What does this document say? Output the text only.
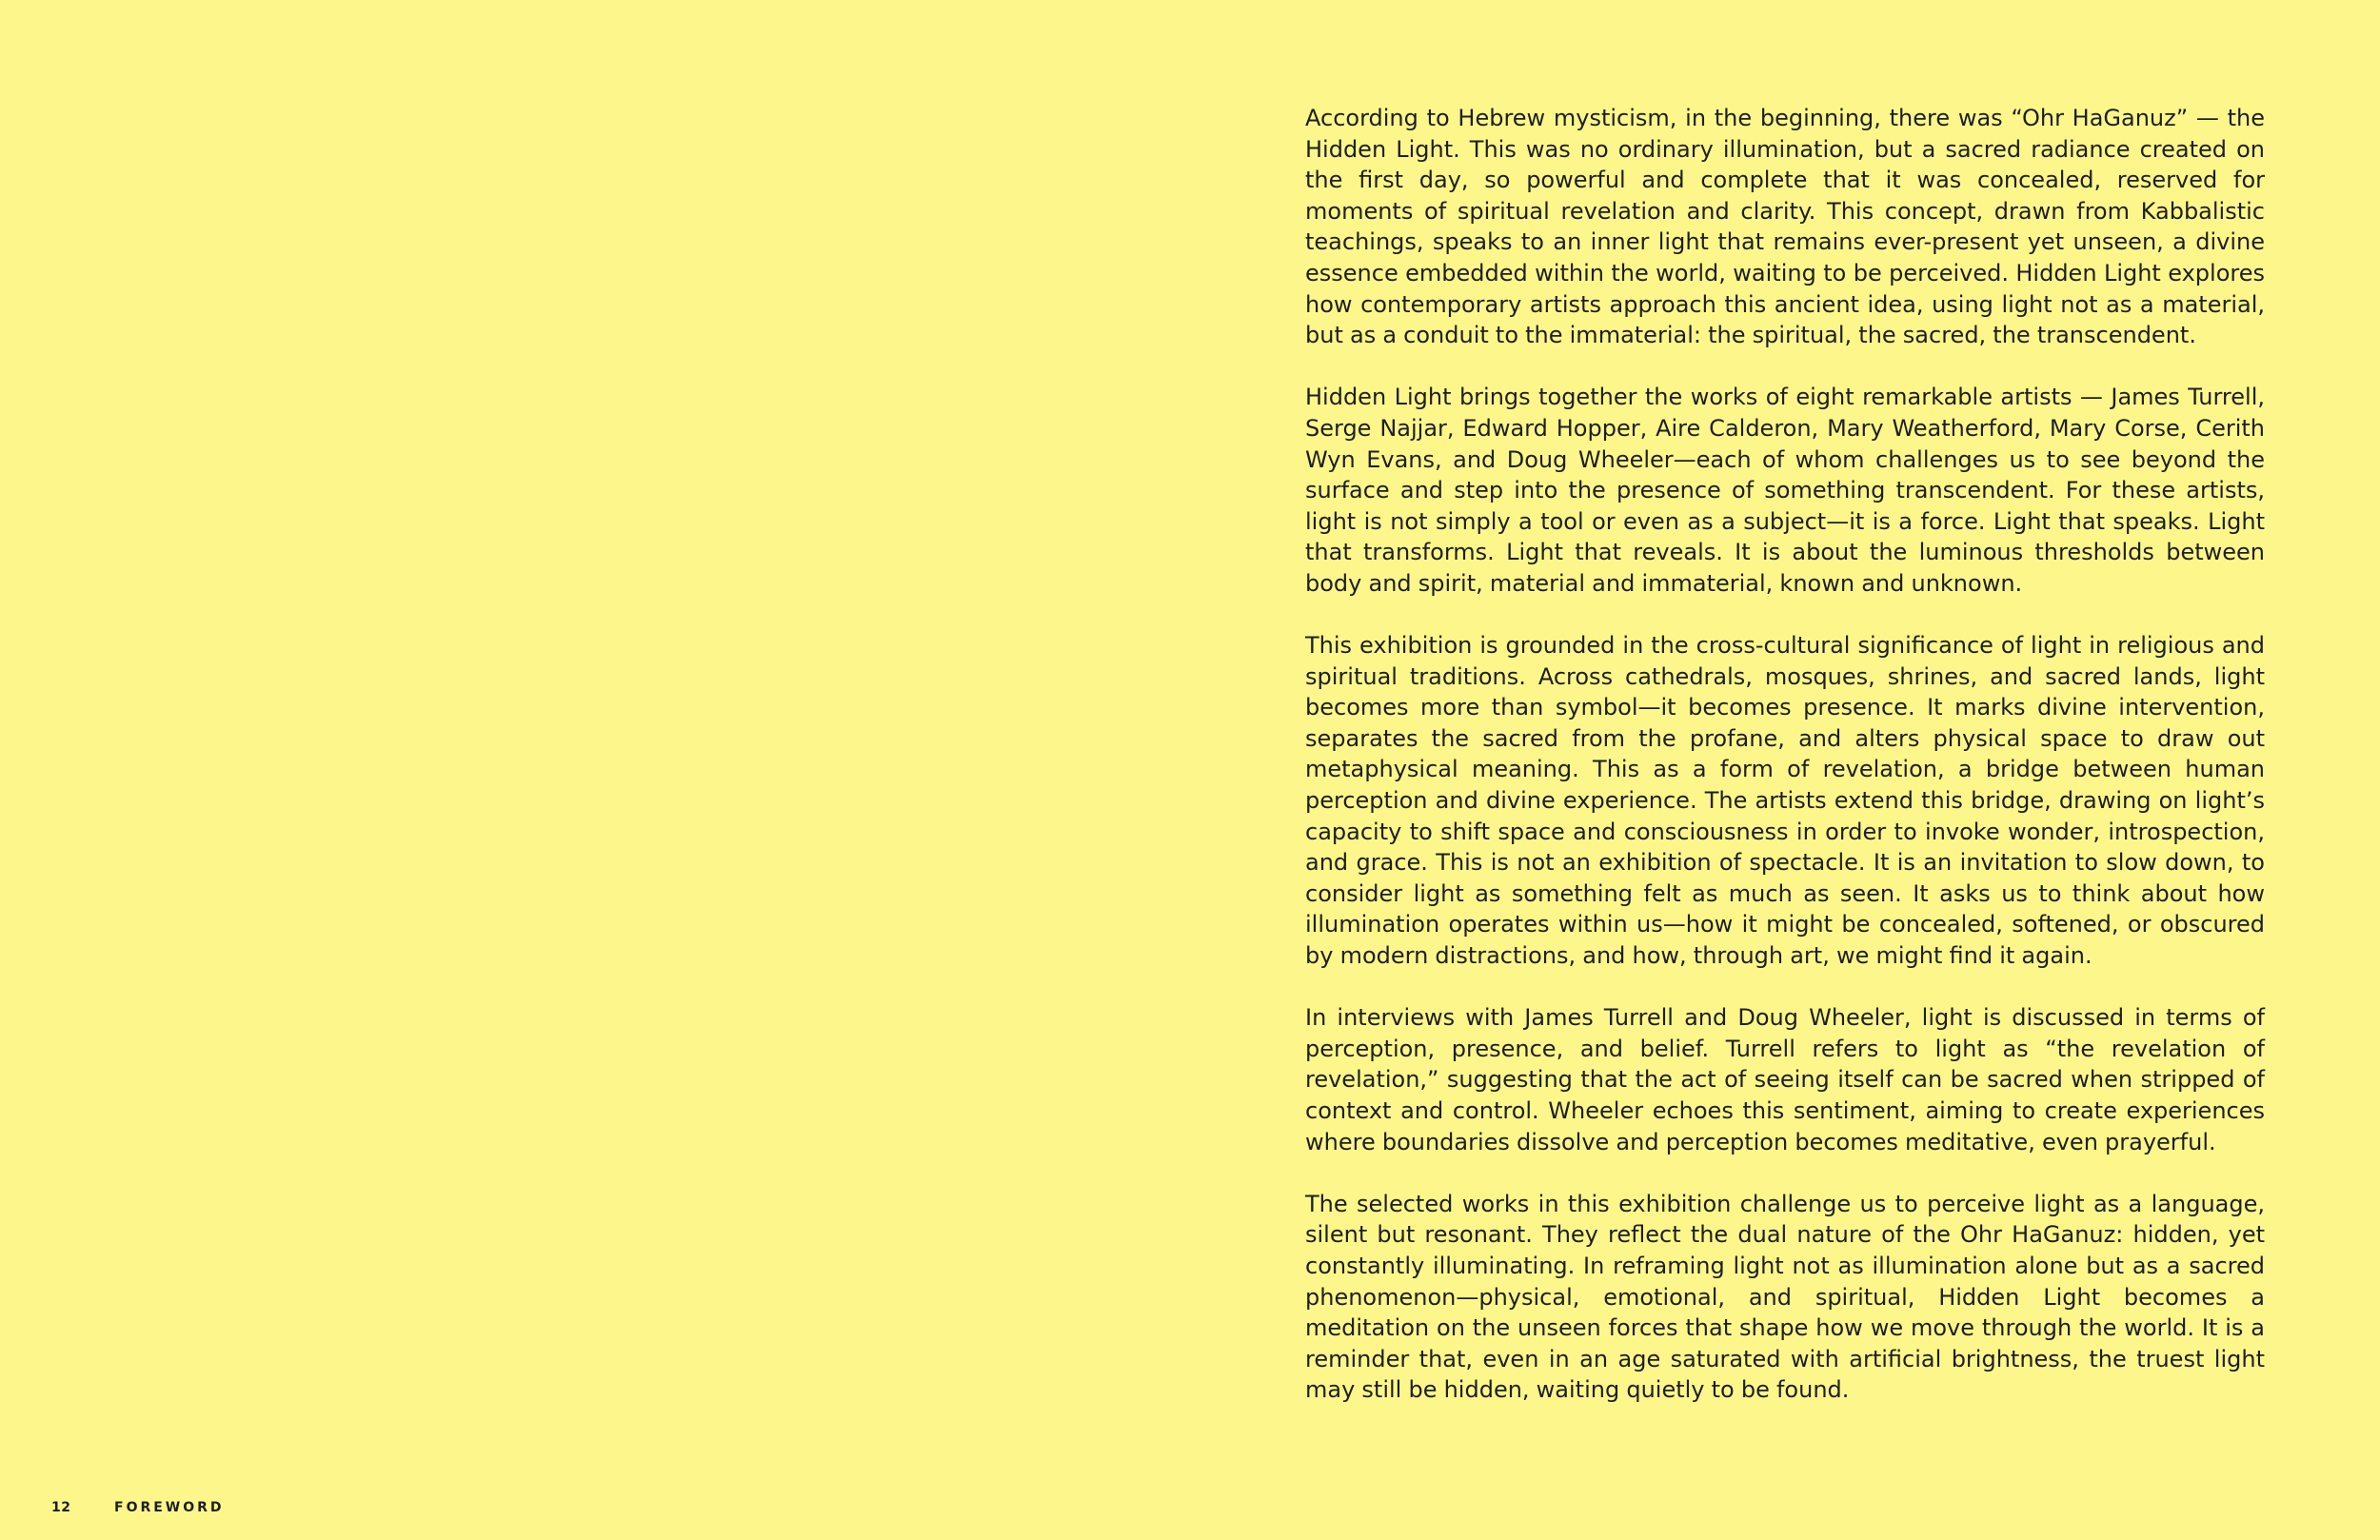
According to Hebrew mysticism, in the beginning, there was “Ohr HaGanuz” — the Hidden Light. This was no ordinary illumination, but a sacred radiance created on the first day, so powerful and complete that it was concealed, reserved for moments of spiritual revelation and clarity. This concept, drawn from Kabbalistic teachings, speaks to an inner light that remains ever-present yet unseen, a divine essence embedded within the world, waiting to be perceived. Hidden Light explores how contemporary artists approach this ancient idea, using light not as a material, but as a conduit to the immaterial: the spiritual, the sacred, the transcendent.

Hidden Light brings together the works of eight remarkable artists — James Turrell, Serge Najjar, Edward Hopper, Aire Calderon, Mary Weatherford, Mary Corse, Cerith Wyn Evans, and Doug Wheeler—each of whom challenges us to see beyond the surface and step into the presence of something transcendent. For these artists, light is not simply a tool or even as a subject—it is a force. Light that speaks. Light that transforms. Light that reveals. It is about the luminous thresholds between body and spirit, material and immaterial, known and unknown.

This exhibition is grounded in the cross-cultural significance of light in religious and spiritual traditions. Across cathedrals, mosques, shrines, and sacred lands, light becomes more than symbol—it becomes presence. It marks divine intervention, separates the sacred from the profane, and alters physical space to draw out metaphysical meaning. This as a form of revelation, a bridge between human perception and divine experience. The artists extend this bridge, drawing on light’s capacity to shift space and consciousness in order to invoke wonder, introspection, and grace. This is not an exhibition of spectacle. It is an invitation to slow down, to consider light as something felt as much as seen. It asks us to think about how illumination operates within us—how it might be concealed, softened, or obscured by modern distractions, and how, through art, we might find it again.

In interviews with James Turrell and Doug Wheeler, light is discussed in terms of perception, presence, and belief. Turrell refers to light as “the revelation of revelation,” suggesting that the act of seeing itself can be sacred when stripped of context and control. Wheeler echoes this sentiment, aiming to create experiences where boundaries dissolve and perception becomes meditative, even prayerful.

The selected works in this exhibition challenge us to perceive light as a language, silent but resonant. They reflect the dual nature of the Ohr HaGanuz: hidden, yet constantly illuminating. In reframing light not as illumination alone but as a sacred phenomenon—physical, emotional, and spiritual, Hidden Light becomes a meditation on the unseen forces that shape how we move through the world. It is a reminder that, even in an age saturated with artificial brightness, the truest light may still be hidden, waiting quietly to be found.

12	FOREWORD
